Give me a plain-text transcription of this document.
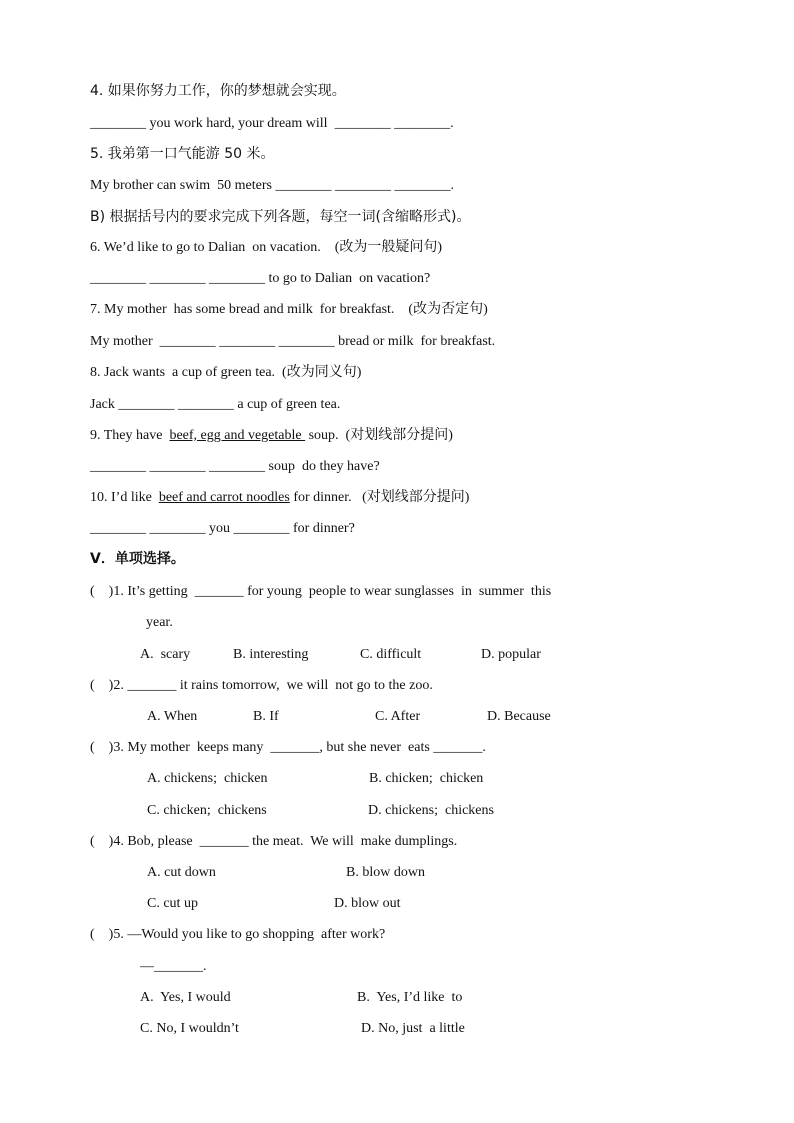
4. 如果你努力工作，你的梦想就会实现。
________ you work hard, your dream will  ________ ________.
5. 我弟第一口气能游 50 米。
My brother can swim  50 meters ________ ________ ________.
B) 根据括号内的要求完成下列各题，每空一词(含缩略形式)。
6. We’d like to go to Dalian  on vacation.    (改为一般疑问句)
________ ________ ________ to go to Dalian  on vacation?
7. My mother  has some bread and milk  for breakfast.    (改为否定句)
My mother  ________ ________ ________ bread or milk  for breakfast.
8. Jack wants  a cup of green tea.  (改为同义句)
Jack ________ ________ a cup of green tea.
9. They have  beef, egg and vegetable  soup.  (对划线部分提问)
________ ________ ________ soup  do they have?
10. I’d like  beef and carrot noodles for dinner.   (对划线部分提问)
________ ________ you ________ for dinner?
Ⅴ．单项选择。
(    )1. It’s getting  _______ for young  people to wear sunglasses  in  summer  this
year.
A.  scary	B. interesting	C. difficult	D. popular
(    )2. _______ it rains tomorrow,  we will  not go to the zoo.
A. When	B. If	C. After	D. Because
(    )3. My mother  keeps many  _______, but she never  eats _______.
A. chickens;  chicken	B. chicken;  chicken
C. chicken;  chickens	D. chickens;  chickens
(    )4. Bob, please  _______ the meat.  We will  make dumplings.
A. cut down	B. blow down
C. cut up	D. blow out
(    )5. —Would you like to go shopping  after work?
—_______.
A.  Yes, I would	B.  Yes, I’d like  to
C. No, I wouldn’t	D. No, just  a little
